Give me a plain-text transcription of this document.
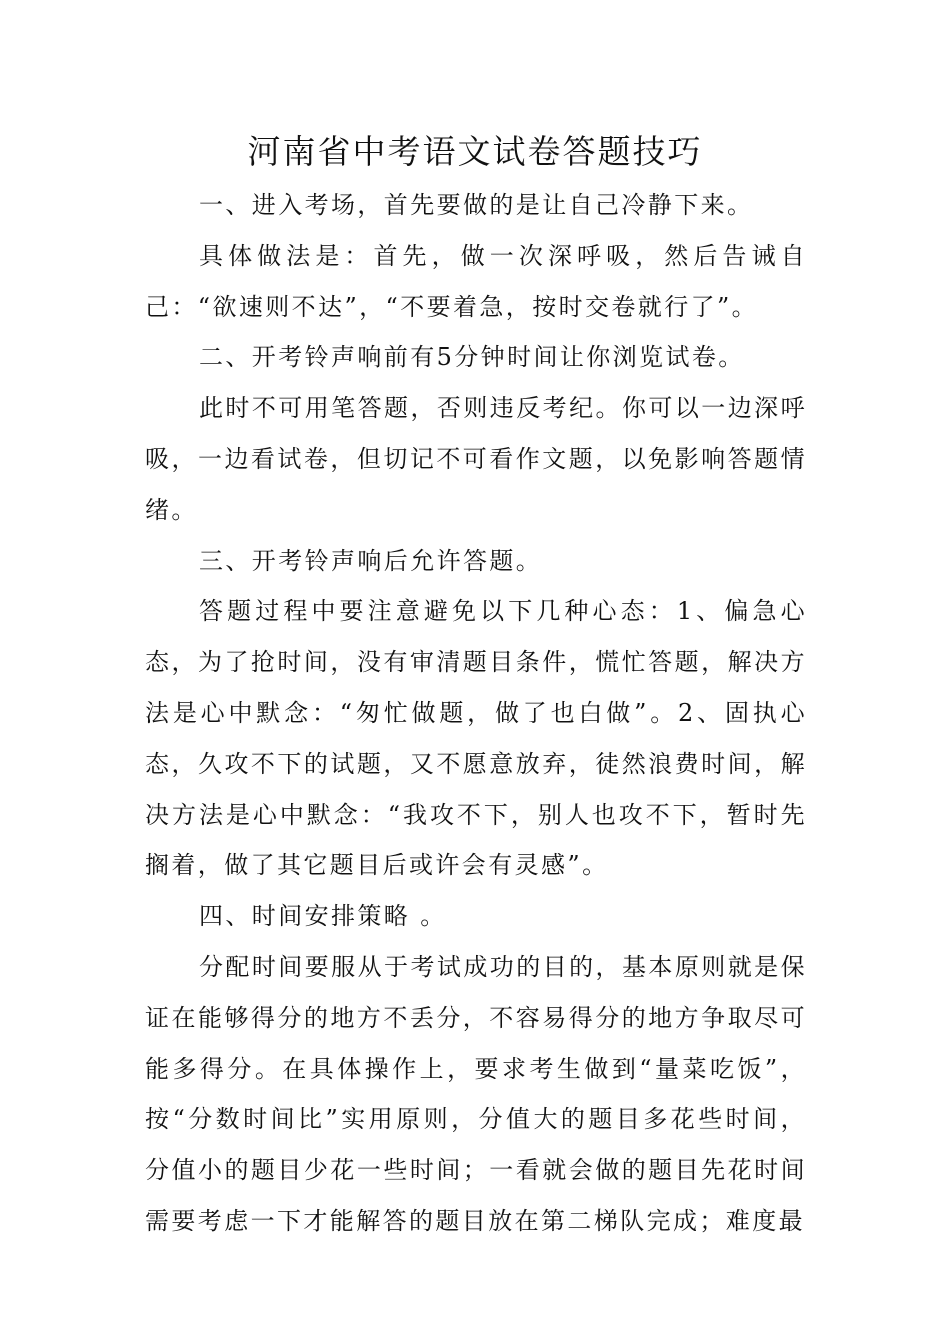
河南省中考语文试卷答题技巧

一、进入考场，首先要做的是让自己冷静下来。

具体做法是：首先，做一次深呼吸，然后告诫自己：“欲速则不达”，“不要着急，按时交卷就行了”。

二、开考铃声响前有5分钟时间让你浏览试卷。

此时不可用笔答题，否则违反考纪。你可以一边深呼吸，一边看试卷，但切记不可看作文题，以免影响答题情绪。

三、开考铃声响后允许答题。

答题过程中要注意避免以下几种心态：1、偏急心态，为了抢时间，没有审清题目条件，慌忙答题，解决方法是心中默念：“匆忙做题，做了也白做”。2、固执心态，久攻不下的试题，又不愿意放弃，徒然浪费时间，解决方法是心中默念：“我攻不下，别人也攻不下，暂时先搁着，做了其它题目后或许会有灵感”。

四、时间安排策略 。

分配时间要服从于考试成功的目的，基本原则就是保证在能够得分的地方不丢分，不容易得分的地方争取尽可能多得分。在具体操作上，要求考生做到“量菜吃饭”，按“分数时间比”实用原则，分值大的题目多花些时间，分值小的题目少花一些时间；一看就会做的题目先花时间需要考虑一下才能解答的题目放在第二梯队完成；难度最
